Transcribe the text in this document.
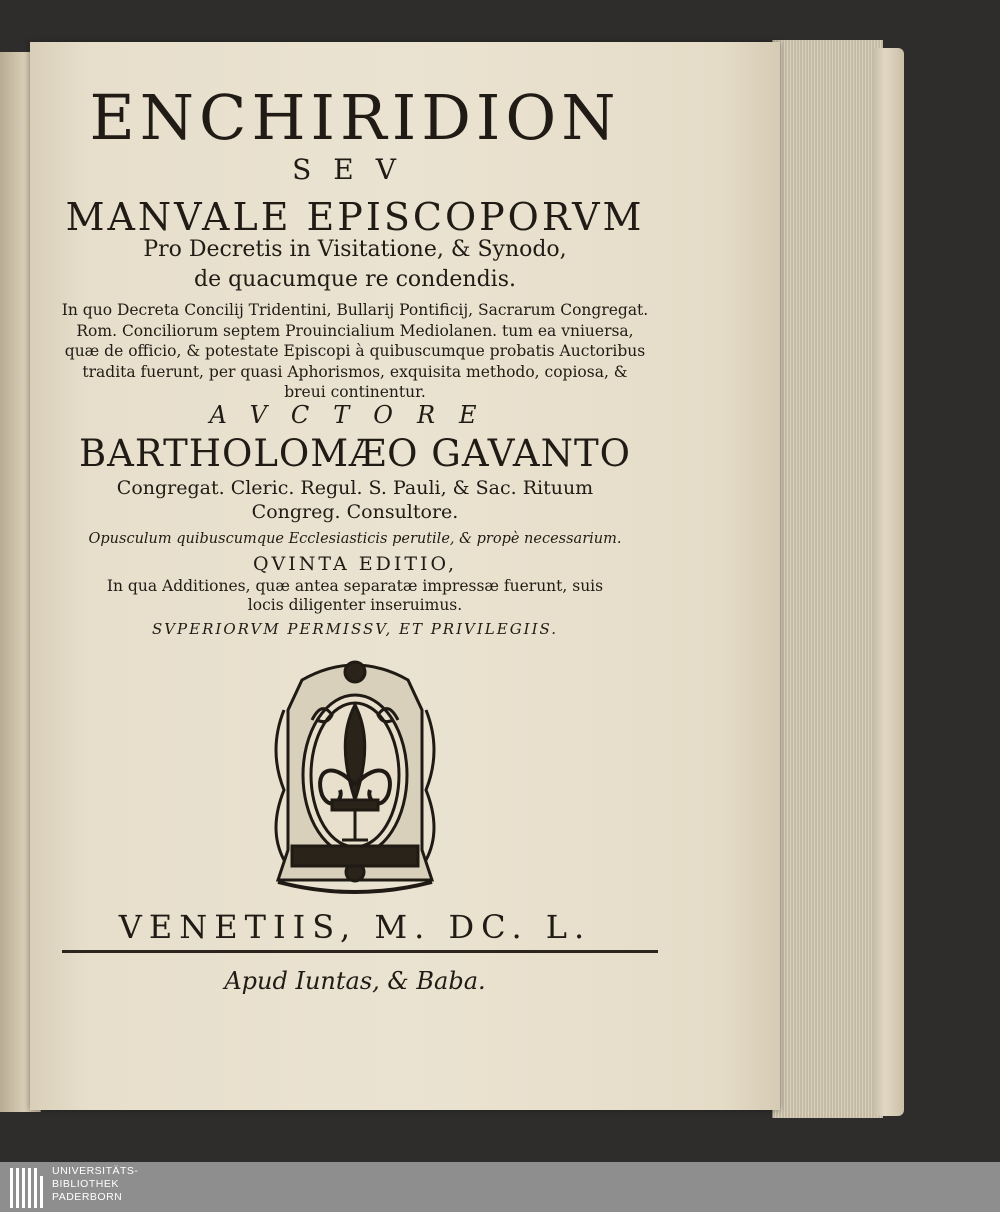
ENCHIRIDION
SEV
MANVALE EPISCOPORVM
Pro Decretis in Visitatione, & Synodo,
de quacumque re condendis.
In quo Decreta Concilij Tridentini, Bullarij Pontificij, Sacrarum Congregat. Rom. Conciliorum septem Prouincialium Mediolanen. tum ea vniuersa, quæ de officio, & potestate Episcopi à quibuscumque probatis Auctoribus tradita fuerunt, per quasi Aphorismos, exquisita methodo, copiosa, & breui continentur.
AVCTORE
BARTHOLOMÆO GAVANTO
Congregat. Cleric. Regul. S. Pauli, & Sac. Rituum
Congreg. Consultore.
Opusculum quibuscumque Ecclesiasticis perutile, & propè necessarium.
QVINTA EDITIO,
In qua Additiones, quæ antea separatæ impressæ fuerunt, suis
locis diligenter inseruimus.
SVPERIORVM PERMISSV, ET PRIVILEGIIS.
VENETIIS, M. DC. L.
Apud Iuntas, & Baba.
UNIVERSITÄTS-
BIBLIOTHEK
PADERBORN
